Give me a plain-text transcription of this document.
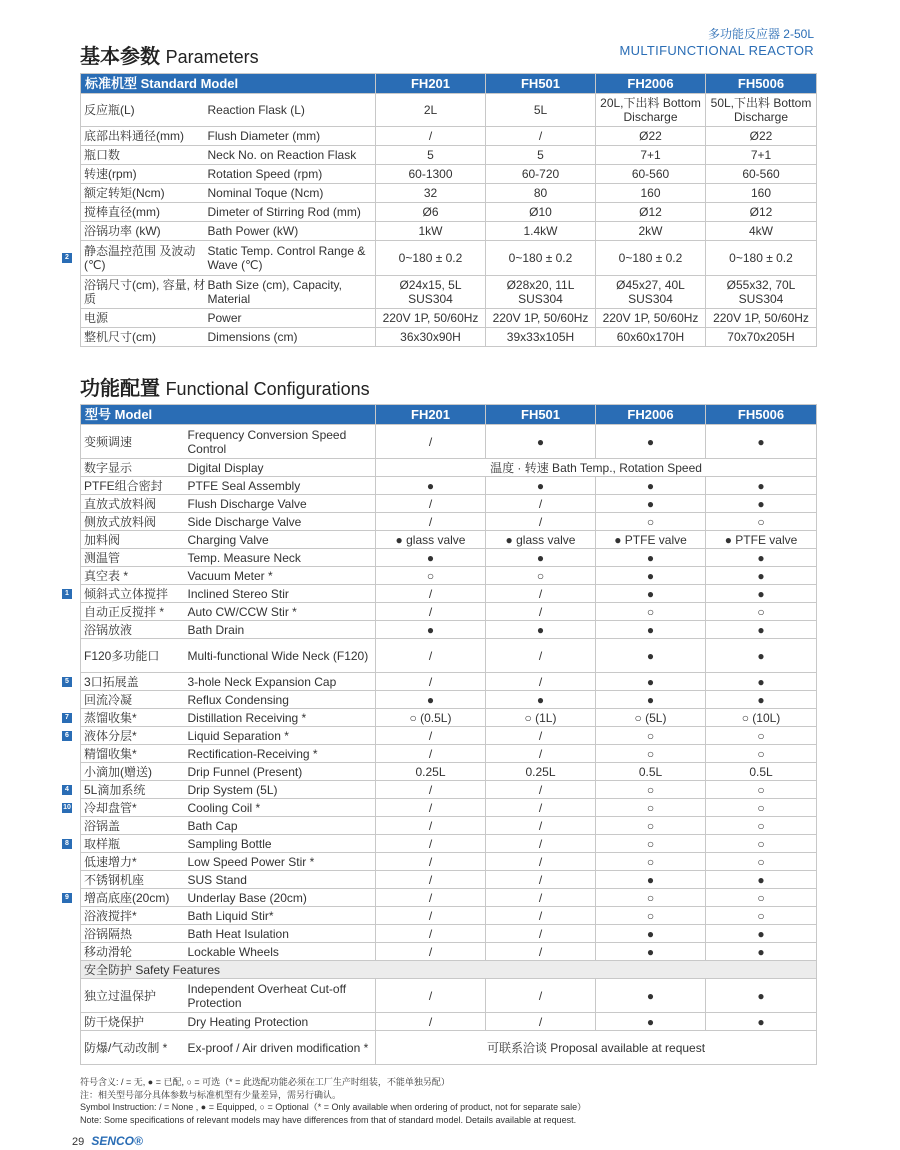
多功能反应器 2-50L
MULTIFUNCTIONAL REACTOR
基本参数 Parameters
标准机型 Standard Model		FH201	FH501	FH2006	FH5006
反应瓶(L)	Reaction Flask (L)	2L	5L	20L,下出料 Bottom Discharge	50L,下出料 Bottom Discharge
底部出料通径(mm)	Flush Diameter (mm)	/	/	Ø22	Ø22
瓶口数	Neck No. on Reaction Flask	5	5	7+1	7+1
转速(rpm)	Rotation Speed (rpm)	60-1300	60-720	60-560	60-560
额定转矩(Ncm)	Nominal Toque (Ncm)	32	80	160	160
搅棒直径(mm)	Dimeter of Stirring Rod (mm)	Ø6	Ø10	Ø12	Ø12
浴锅功率 (kW)	Bath Power (kW)	1kW	1.4kW	2kW	4kW
静态温控范围 及波动(℃)	Static Temp. Control Range & Wave (℃)	0~180 ± 0.2	0~180 ± 0.2	0~180 ± 0.2	0~180 ± 0.2
浴锅尺寸(cm), 容量, 材质	Bath Size (cm), Capacity, Material	Ø24x15, 5L SUS304	Ø28x20, 11L SUS304	Ø45x27, 40L SUS304	Ø55x32, 70L SUS304
电源	Power	220V 1P, 50/60Hz	220V 1P, 50/60Hz	220V 1P, 50/60Hz	220V 1P, 50/60Hz
整机尺寸(cm)	Dimensions (cm)	36x30x90H	39x33x105H	60x60x170H	70x70x205H
功能配置 Functional Configurations
型号 Model		FH201	FH501	FH2006	FH5006
变频调速	Frequency Conversion Speed Control	/	●	●	●
数字显示	Digital Display	温度 · 转速 Bath Temp., Rotation Speed			
PTFE组合密封	PTFE Seal Assembly	●	●	●	●
直放式放料阀	Flush Discharge Valve	/	/	●	●
侧放式放料阀	Side Discharge Valve	/	/	○	○
加料阀	Charging Valve	● glass valve	● glass valve	● PTFE valve	● PTFE valve
测温管	Temp. Measure Neck	●	●	●	●
真空表 *	Vacuum Meter *	○	○	●	●
倾斜式立体搅拌	Inclined Stereo Stir	/	/	●	●
自动正反搅拌 *	Auto CW/CCW Stir *	/	/	○	○
浴锅放液	Bath Drain	●	●	●	●
F120多功能口	Multi-functional Wide Neck (F120)	/	/	●	●
3口拓展盖	3-hole Neck Expansion Cap	/	/	●	●
回流冷凝	Reflux Condensing	●	●	●	●
蒸馏收集*	Distillation Receiving *	○ (0.5L)	○ (1L)	○ (5L)	○ (10L)
液体分层*	Liquid Separation *	/	/	○	○
精馏收集*	Rectification-Receiving *	/	/	○	○
小滴加(赠送)	Drip Funnel (Present)	0.25L	0.25L	0.5L	0.5L
5L滴加系统	Drip System (5L)	/	/	○	○
冷却盘管*	Cooling Coil *	/	/	○	○
浴锅盖	Bath Cap	/	/	○	○
取样瓶	Sampling Bottle	/	/	○	○
低速增力*	Low Speed Power Stir *	/	/	○	○
不锈钢机座	SUS Stand	/	/	●	●
增高底座(20cm)	Underlay Base (20cm)	/	/	○	○
浴液搅拌*	Bath Liquid Stir*	/	/	○	○
浴锅隔热	Bath Heat Isulation	/	/	●	●
移动滑轮	Lockable Wheels	/	/	●	●
安全防护 Safety Features					
独立过温保护	Independent Overheat Cut-off Protection	/	/	●	●
防干烧保护	Dry Heating Protection	/	/	●	●
防爆/气动改制 *	Ex-proof / Air driven modification *	可联系洽谈 Proposal available at request			
符号含义: / = 无, ● = 已配, ○ = 可选（* = 此选配功能必须在工厂生产时组装，不能单独另配）
注：相关型号部分具体参数与标准机型有少量差异，需另行确认。
Symbol Instruction: / = None , ● = Equipped, ○ = Optional（* = Only available when ordering of product, not for separate sale）
Note: Some specifications of relevant models may have differences from that of standard model. Details available at request.
29 SENCO®
2
1
5
7
6
4
10
8
9
